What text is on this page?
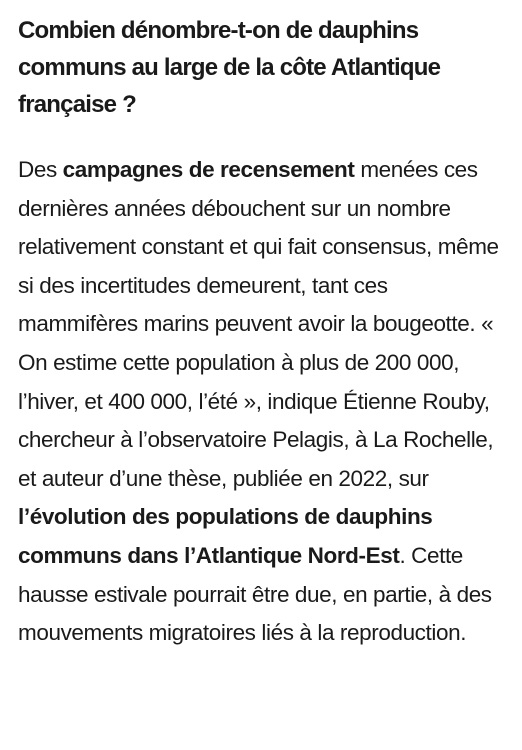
Combien dénombre-t-on de dauphins communs au large de la côte Atlantique française ?

Des campagnes de recensement menées ces dernières années débouchent sur un nombre relativement constant et qui fait consensus, même si des incertitudes demeurent, tant ces mammifères marins peuvent avoir la bougeotte. « On estime cette population à plus de 200 000, l’hiver, et 400 000, l’été », indique Étienne Rouby, chercheur à l’observatoire Pelagis, à La Rochelle, et auteur d’une thèse, publiée en 2022, sur l’évolution des populations de dauphins communs dans l’Atlantique Nord-Est. Cette hausse estivale pourrait être due, en partie, à des mouvements migratoires liés à la reproduction.
